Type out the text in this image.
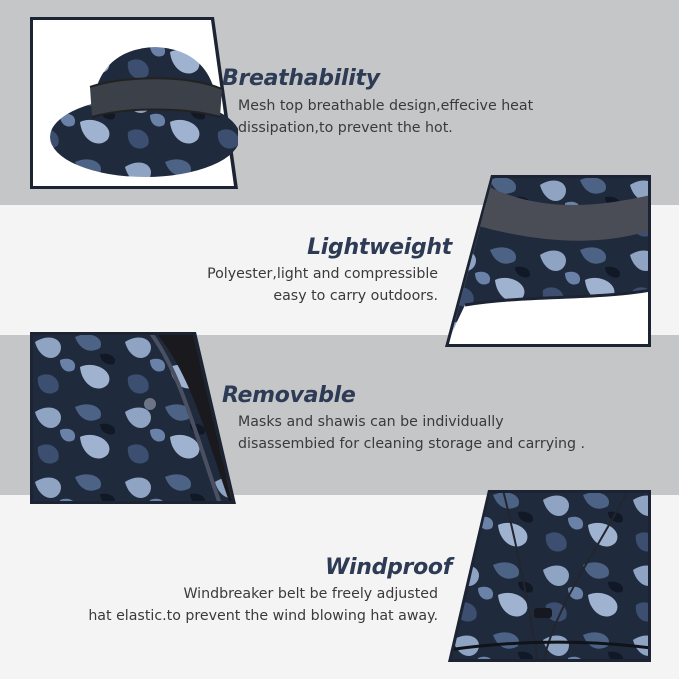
Breathability

Mesh top breathable design,effecive heat
dissipation,to prevent the hot.

Lightweight

Polyester,light and compressible
easy to carry outdoors.

Removable

Masks and shawis can be individually
disassembied for cleaning storage and carrying .

Windproof

Windbreaker belt be freely adjusted
hat elastic.to prevent the wind blowing hat away.
